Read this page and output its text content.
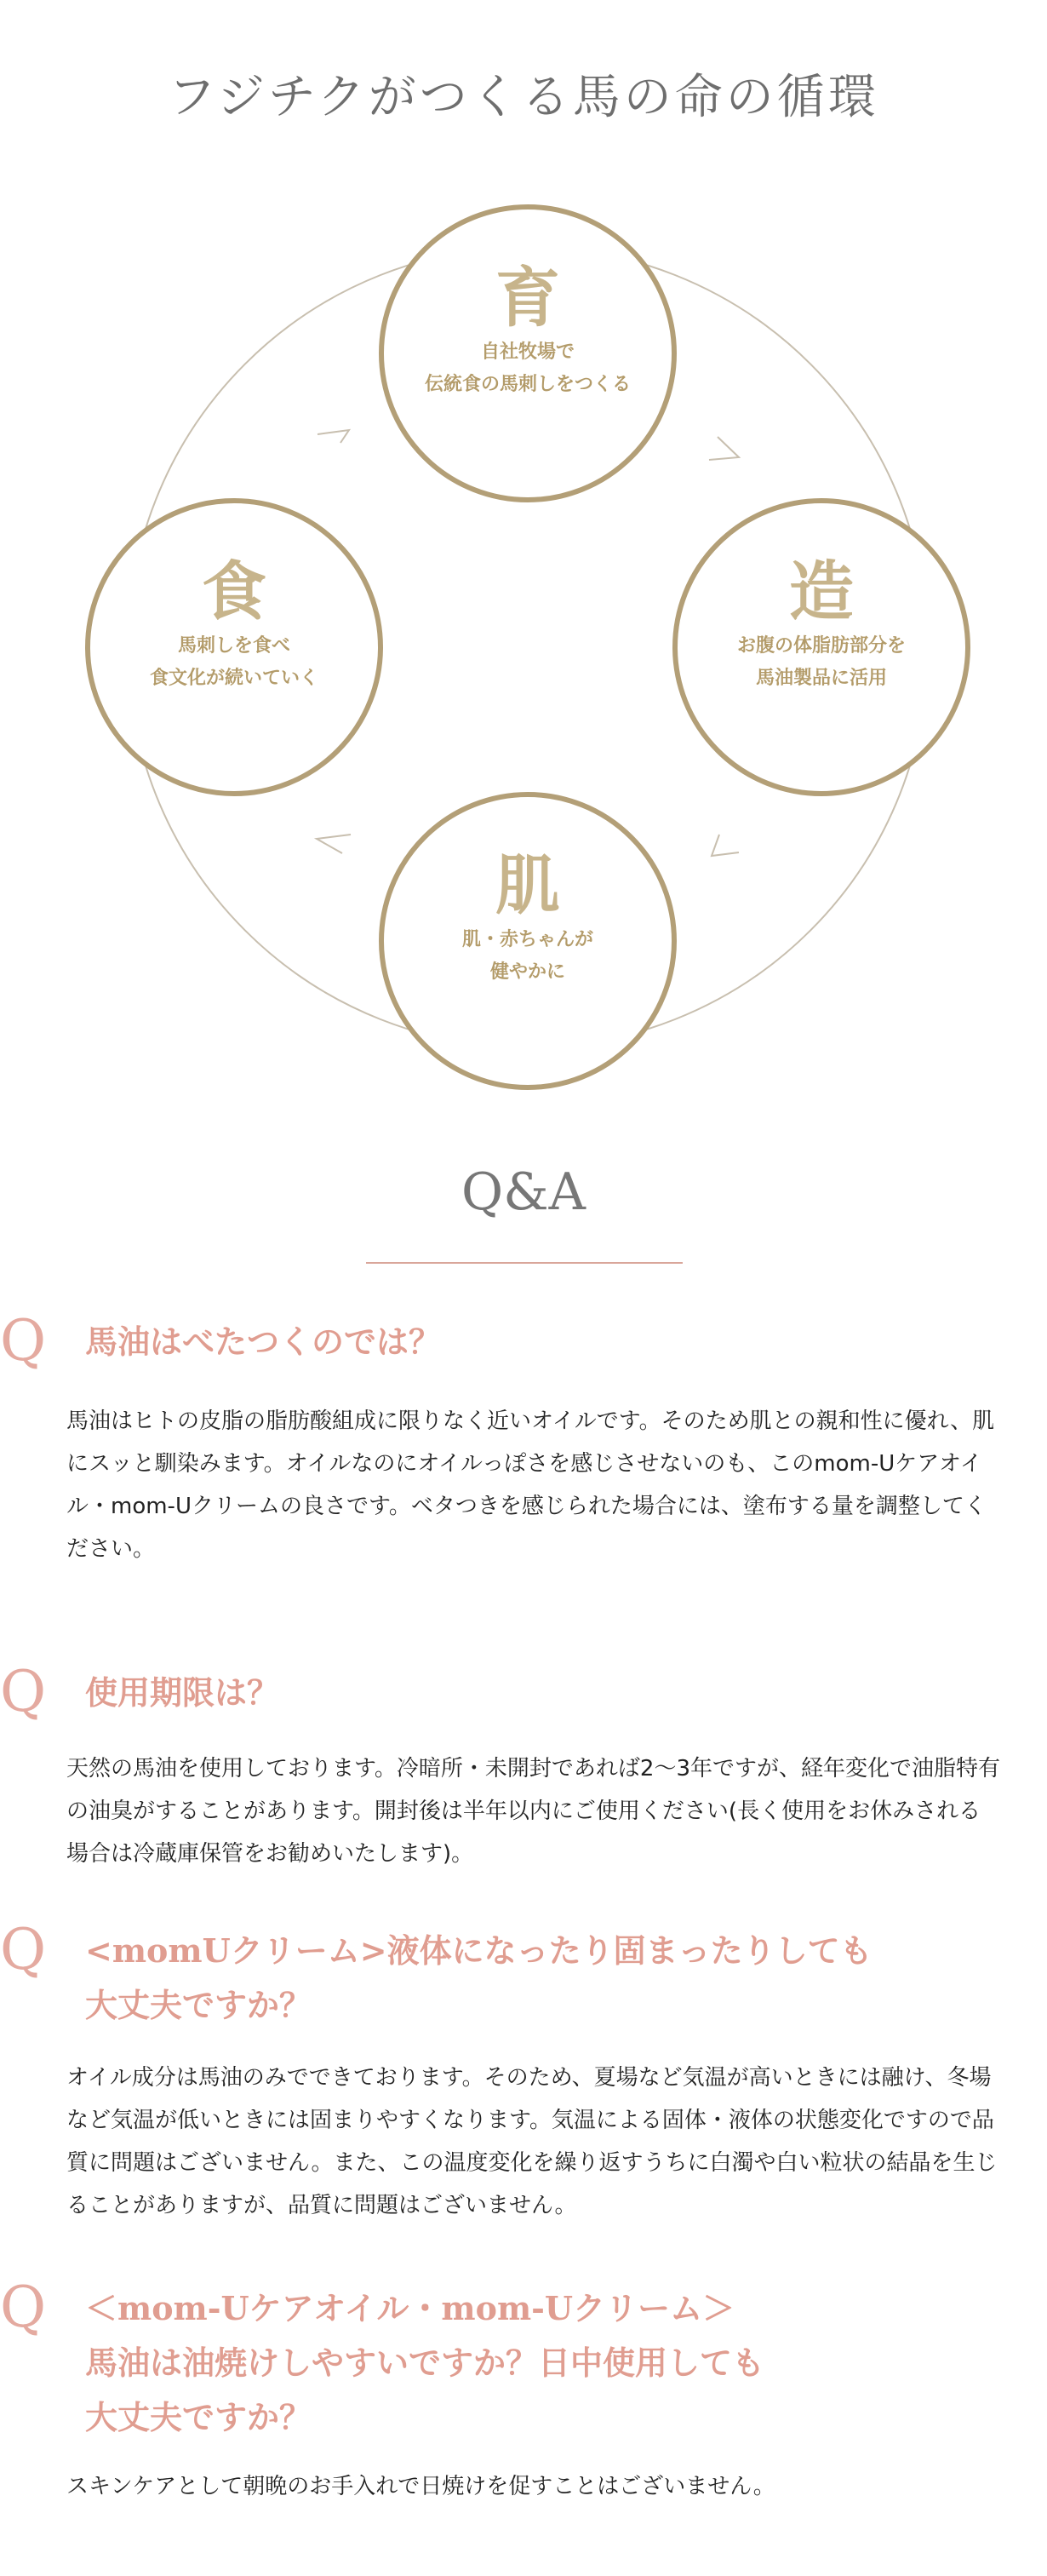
フジチクがつくる馬の命の循環
育
自社牧場で
伝統食の馬刺しをつくる
造
お腹の体脂肪部分を
馬油製品に活用
肌
肌・赤ちゃんが
健やかに
食
馬刺しを食べ
食文化が続いていく
Q&A
Q 馬油はべたつくのでは？
馬油はヒトの皮脂の脂肪酸組成に限りなく近いオイルです。そのため肌との親和性に優れ、肌にスッと馴染みます。オイルなのにオイルっぽさを感じさせないのも、このmom-Uケアオイル・mom-Uクリームの良さです。ベタつきを感じられた場合には、塗布する量を調整してください。
Q 使用期限は？
天然の馬油を使用しております。冷暗所・未開封であれば2〜3年ですが、経年変化で油脂特有の油臭がすることがあります。開封後は半年以内にご使用ください(長く使用をお休みされる場合は冷蔵庫保管をお勧めいたします)。
Q <momUクリーム>液体になったり固まったりしても
大丈夫ですか？
オイル成分は馬油のみでできております。そのため、夏場など気温が高いときには融け、冬場など気温が低いときには固まりやすくなります。気温による固体・液体の状態変化ですので品質に問題はございません。また、この温度変化を繰り返すうちに白濁や白い粒状の結晶を生じることがありますが、品質に問題はございません。
Q ＜mom-Uケアオイル・mom-Uクリーム＞
馬油は油焼けしやすいですか？日中使用しても
大丈夫ですか？
スキンケアとして朝晩のお手入れで日焼けを促すことはございません。
